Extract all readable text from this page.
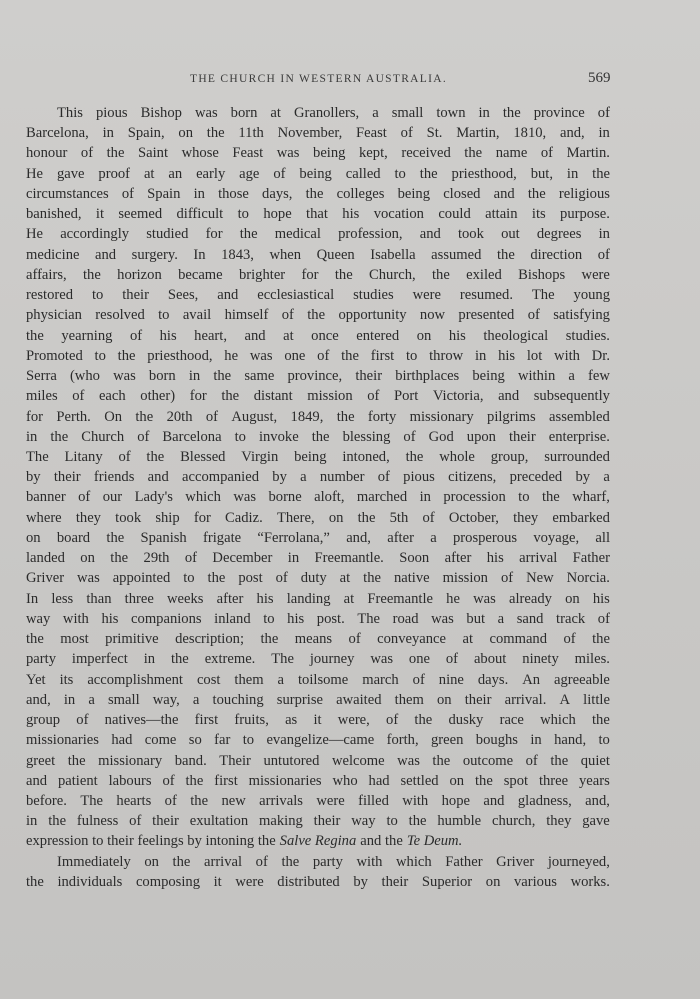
THE CHURCH IN WESTERN AUSTRALIA.	569
This pious Bishop was born at Granollers, a small town in the province of
Barcelona, in Spain, on the 11th November, Feast of St. Martin, 1810, and, in
honour of the Saint whose Feast was being kept, received the name of Martin.
He gave proof at an early age of being called to the priesthood, but, in the
circumstances of Spain in those days, the colleges being closed and the religious
banished, it seemed difficult to hope that his vocation could attain its purpose.
He accordingly studied for the medical profession, and took out degrees in
medicine and surgery. In 1843, when Queen Isabella assumed the direction of
affairs, the horizon became brighter for the Church, the exiled Bishops were
restored to their Sees, and ecclesiastical studies were resumed. The young
physician resolved to avail himself of the opportunity now presented of satisfying
the yearning of his heart, and at once entered on his theological studies.
Promoted to the priesthood, he was one of the first to throw in his lot with Dr.
Serra (who was born in the same province, their birthplaces being within a few
miles of each other) for the distant mission of Port Victoria, and subsequently
for Perth. On the 20th of August, 1849, the forty missionary pilgrims assembled
in the Church of Barcelona to invoke the blessing of God upon their enterprise.
The Litany of the Blessed Virgin being intoned, the whole group, surrounded
by their friends and accompanied by a number of pious citizens, preceded by a
banner of our Lady's which was borne aloft, marched in procession to the wharf,
where they took ship for Cadiz. There, on the 5th of October, they embarked
on board the Spanish frigate “Ferrolana,” and, after a prosperous voyage, all
landed on the 29th of December in Freemantle. Soon after his arrival Father
Griver was appointed to the post of duty at the native mission of New Norcia.
In less than three weeks after his landing at Freemantle he was already on his
way with his companions inland to his post. The road was but a sand track of
the most primitive description; the means of conveyance at command of the
party imperfect in the extreme. The journey was one of about ninety miles.
Yet its accomplishment cost them a toilsome march of nine days. An agreeable
and, in a small way, a touching surprise awaited them on their arrival. A little
group of natives—the first fruits, as it were, of the dusky race which the
missionaries had come so far to evangelize—came forth, green boughs in hand, to
greet the missionary band. Their untutored welcome was the outcome of the quiet
and patient labours of the first missionaries who had settled on the spot three years
before. The hearts of the new arrivals were filled with hope and gladness, and,
in the fulness of their exultation making their way to the humble church, they gave
expression to their feelings by intoning the Salve Regina and the Te Deum.
Immediately on the arrival of the party with which Father Griver journeyed,
the individuals composing it were distributed by their Superior on various works.
